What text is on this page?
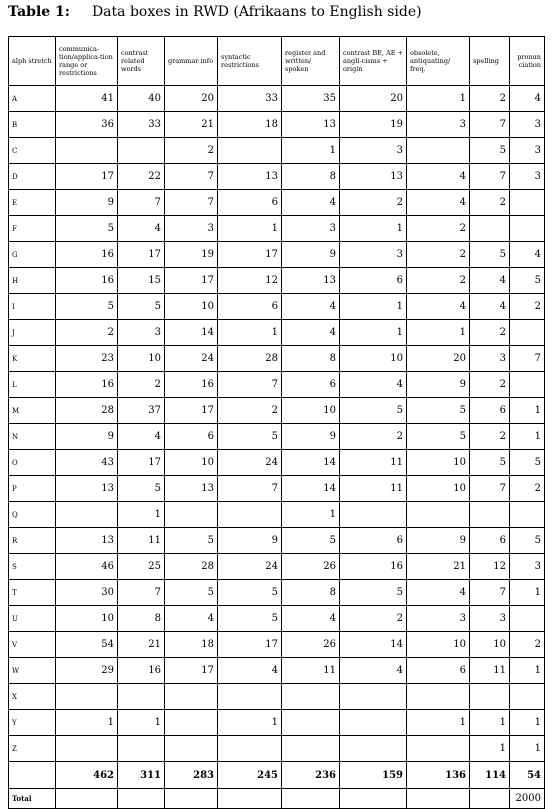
Table 1: Data boxes in RWD (Afrikaans to English side)
alph stretch	communica-tion/applica-tion range or restrictions	contrast related words	grammar info	syntactic restrictions	register and written/ spoken	contrast BE, AE + angli-cisms + origin	obsolete, antiquating/ freq.	spelling	pronun ciation
A	41	40	20	33	35	20	1	2	4
B	36	33	21	18	13	19	3	7	3
C			2		1	3		5	3
D	17	22	7	13	8	13	4	7	3
E	9	7	7	6	4	2	4	2	
F	5	4	3	1	3	1	2		
G	16	17	19	17	9	3	2	5	4
H	16	15	17	12	13	6	2	4	5
I	5	5	10	6	4	1	4	4	2
J	2	3	14	1	4	1	1	2	
K	23	10	24	28	8	10	20	3	7
L	16	2	16	7	6	4	9	2	
M	28	37	17	2	10	5	5	6	1
N	9	4	6	5	9	2	5	2	1
O	43	17	10	24	14	11	10	5	5
P	13	5	13	7	14	11	10	7	2
Q		1			1				
R	13	11	5	9	5	6	9	6	5
S	46	25	28	24	26	16	21	12	3
T	30	7	5	5	8	5	4	7	1
U	10	8	4	5	4	2	3	3	
V	54	21	18	17	26	14	10	10	2
W	29	16	17	4	11	4	6	11	1
X									
Y	1	1		1			1	1	1
Z								1	1
	462	311	283	245	236	159	136	114	54
Total									2000
